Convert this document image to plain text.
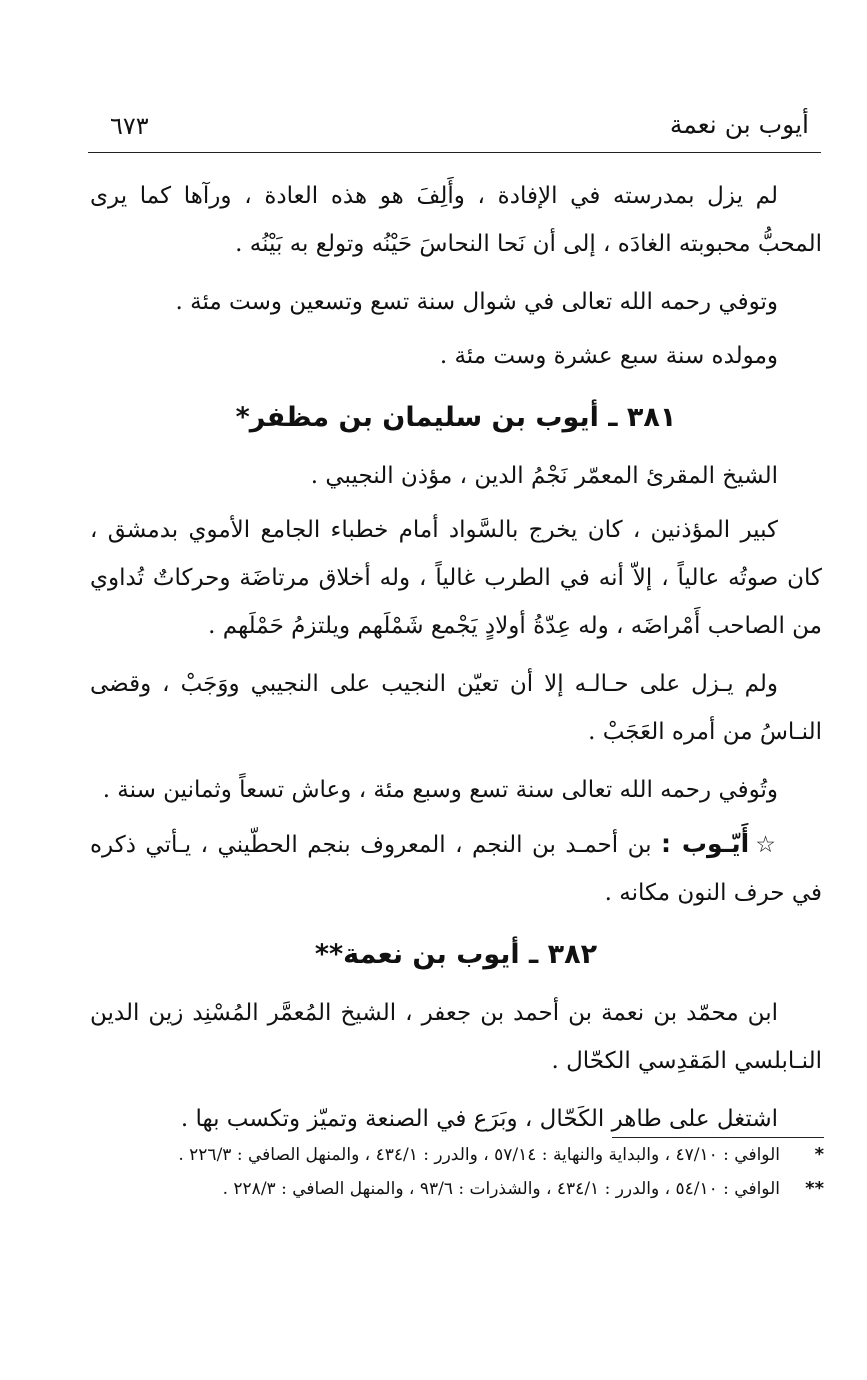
أيوب بن نعمة
٦٧٣

لم يزل بمدرسته في الإفادة ، وأَلِفَ هو هذه العادة ، ورآها كما يرى المحبُّ محبوبته الغادَه ، إلى أن نَحا النحاسَ حَيْنُه وتولع به بَيْنُه .

وتوفي رحمه الله تعالى في شوال سنة تسع وتسعين وست مئة .

ومولده سنة سبع عشرة وست مئة .

٣٨١ ـ أيوب بن سليمان بن مظفر*

الشيخ المقرئ المعمّر نَجْمُ الدين ، مؤذن النجيبي .

كبير المؤذنين ، كان يخرج بالسَّواد أمام خطباء الجامع الأموي بدمشق ، كان صوتُه عالياً ، إلاّ أنه في الطرب غالياً ، وله أخلاق مرتاضَة وحركاتٌ تُداوي من الصاحب أَمْراضَه ، وله عِدّةُ أولادٍ يَجْمع شَمْلَهم ويلتزمُ حَمْلَهم .

ولم يـزل على حـالـه إلا أن تعيّن النجيب على النجيبي ووَجَبْ ، وقضى النـاسُ من أمره العَجَبْ .

وتُوفي رحمه الله تعالى سنة تسع وسبع مئة ، وعاش تسعاً وثمانين سنة .

☆أَيّـوب : بن أحمـد بن النجم ، المعروف بنجم الحطّيني ، يـأتي ذكره في حرف النون مكانه .

٣٨٢ ـ أيوب بن نعمة**

ابن محمّد بن نعمة بن أحمد بن جعفر ، الشيخ المُعمَّر المُسْنِد زين الدين النـابلسي المَقدِسي الكحّال .

اشتغل على طاهر الكَحّال ، وبَرَع في الصنعة وتميّز وتكسب بها .

*
الوافي : ٤٧/١٠ ، والبداية والنهاية : ٥٧/١٤ ، والدرر : ٤٣٤/١ ، والمنهل الصافي : ٢٢٦/٣ .
**
الوافي : ٥٤/١٠ ، والدرر : ٤٣٤/١ ، والشذرات : ٩٣/٦ ، والمنهل الصافي : ٢٢٨/٣ .
